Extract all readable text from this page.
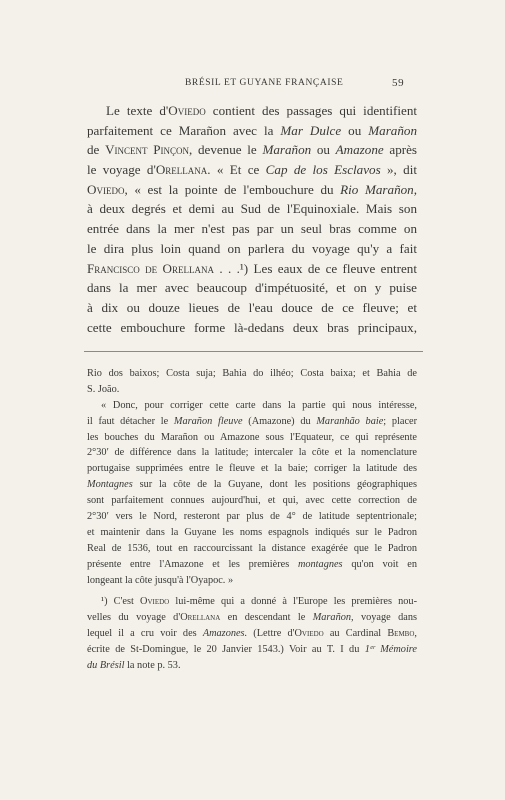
BRÉSIL ET GUYANE FRANÇAISE	59
Le texte d'Oviedo contient des passages qui identifient
parfaitement ce Marañon avec la Mar Dulce ou Marañon
de Vincent Pinçon, devenue le Marañon ou Amazone après
le voyage d'Orellana. « Et ce Cap de los Esclavos », dit
Oviedo, « est la pointe de l'embouchure du Rio Marañon,
à deux degrés et demi au Sud de l'Equinoxiale. Mais son
entrée dans la mer n'est pas par un seul bras comme on
le dira plus loin quand on parlera du voyage qu'y a fait
Francisco de Orellana . . .¹) Les eaux de ce fleuve entrent
dans la mer avec beaucoup d'impétuosité, et on y puise
à dix ou douze lieues de l'eau douce de ce fleuve; et
cette embouchure forme là-dedans deux bras principaux,
Rio dos baixos; Costa suja; Bahia do ilhéo; Costa baixa; et Bahia de
S. João.
« Donc, pour corriger cette carte dans la partie qui nous intéresse,
il faut détacher le Marañon fleuve (Amazone) du Maranhão baie; placer
les bouches du Marañon ou Amazone sous l'Equateur, ce qui représente
2°30′ de différence dans la latitude; intercaler la côte et la nomenclature
portugaise supprimées entre le fleuve et la baie; corriger la latitude des
Montagnes sur la côte de la Guyane, dont les positions géographiques
sont parfaitement connues aujourd'hui, et qui, avec cette correction de
2°30′ vers le Nord, resteront par plus de 4° de latitude septentrionale;
et maintenir dans la Guyane les noms espagnols indiqués sur le Padron
Real de 1536, tout en raccourcissant la distance exagérée que le Padron
présente entre l'Amazone et les premières montagnes qu'on voit en
longeant la côte jusqu'à l'Oyapoc. »
¹) C'est Oviedo lui-même qui a donné à l'Europe les premières nou-
velles du voyage d'Orellana en descendant le Marañon, voyage dans
lequel il a cru voir des Amazones. (Lettre d'Oviedo au Cardinal Bembo,
écrite de St-Domingue, le 20 Janvier 1543.) Voir au T. I du 1ᵉʳ Mémoire
du Brésil la note p. 53.
